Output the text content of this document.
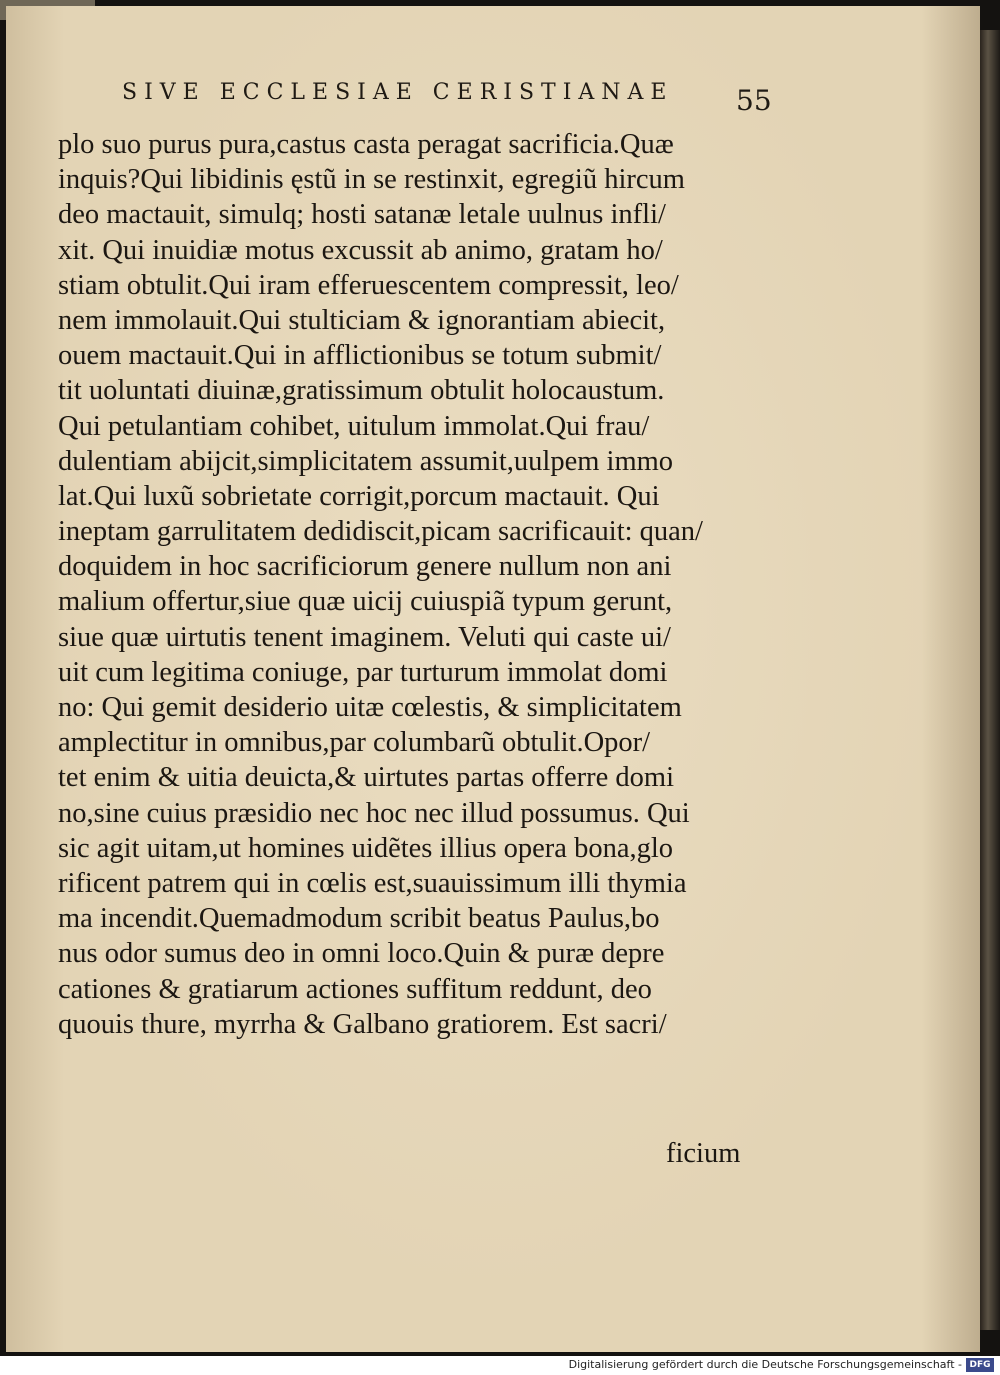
SIVE ECCLESIAE CERISTIANAE 55
plo suo purus pura,castus casta peragat sacrificia.Quæ
inquis?Qui libidinis ęstũ in se restinxit, egregiũ hircum
deo mactauit, simulq; hosti satanæ letale uulnus infli/
xit. Qui inuidiæ motus excussit ab animo, gratam ho/
stiam obtulit.Qui iram efferuescentem compressit, leo/
nem immolauit.Qui stulticiam & ignorantiam abiecit,
ouem mactauit.Qui in afflictionibus se totum submit/
tit uoluntati diuinæ,gratissimum obtulit holocaustum.
Qui petulantiam cohibet, uitulum immolat.Qui frau/
dulentiam abijcit,simplicitatem assumit,uulpem immo
lat.Qui luxũ sobrietate corrigit,porcum mactauit. Qui
ineptam garrulitatem dedidiscit,picam sacrificauit: quan/
doquidem in hoc sacrificiorum genere nullum non ani
malium offertur,siue quæ uicij cuiuspiã typum gerunt,
siue quæ uirtutis tenent imaginem. Veluti qui caste ui/
uit cum legitima coniuge, par turturum immolat domi
no: Qui gemit desiderio uitæ cœlestis, & simplicitatem
amplectitur in omnibus,par columbarũ obtulit.Opor/
tet enim & uitia deuicta,& uirtutes partas offerre domi
no,sine cuius præsidio nec hoc nec illud possumus. Qui
sic agit uitam,ut homines uidẽtes illius opera bona,glo
rificent patrem qui in cœlis est,suauissimum illi thymia
ma incendit.Quemadmodum scribit beatus Paulus,bo
nus odor sumus deo in omni loco.Quin & puræ depre
cationes & gratiarum actiones suffitum reddunt, deo
quouis thure, myrrha & Galbano gratiorem. Est sacri/
ficium
Digitalisierung gefördert durch die Deutsche Forschungsgemeinschaft - DFG
